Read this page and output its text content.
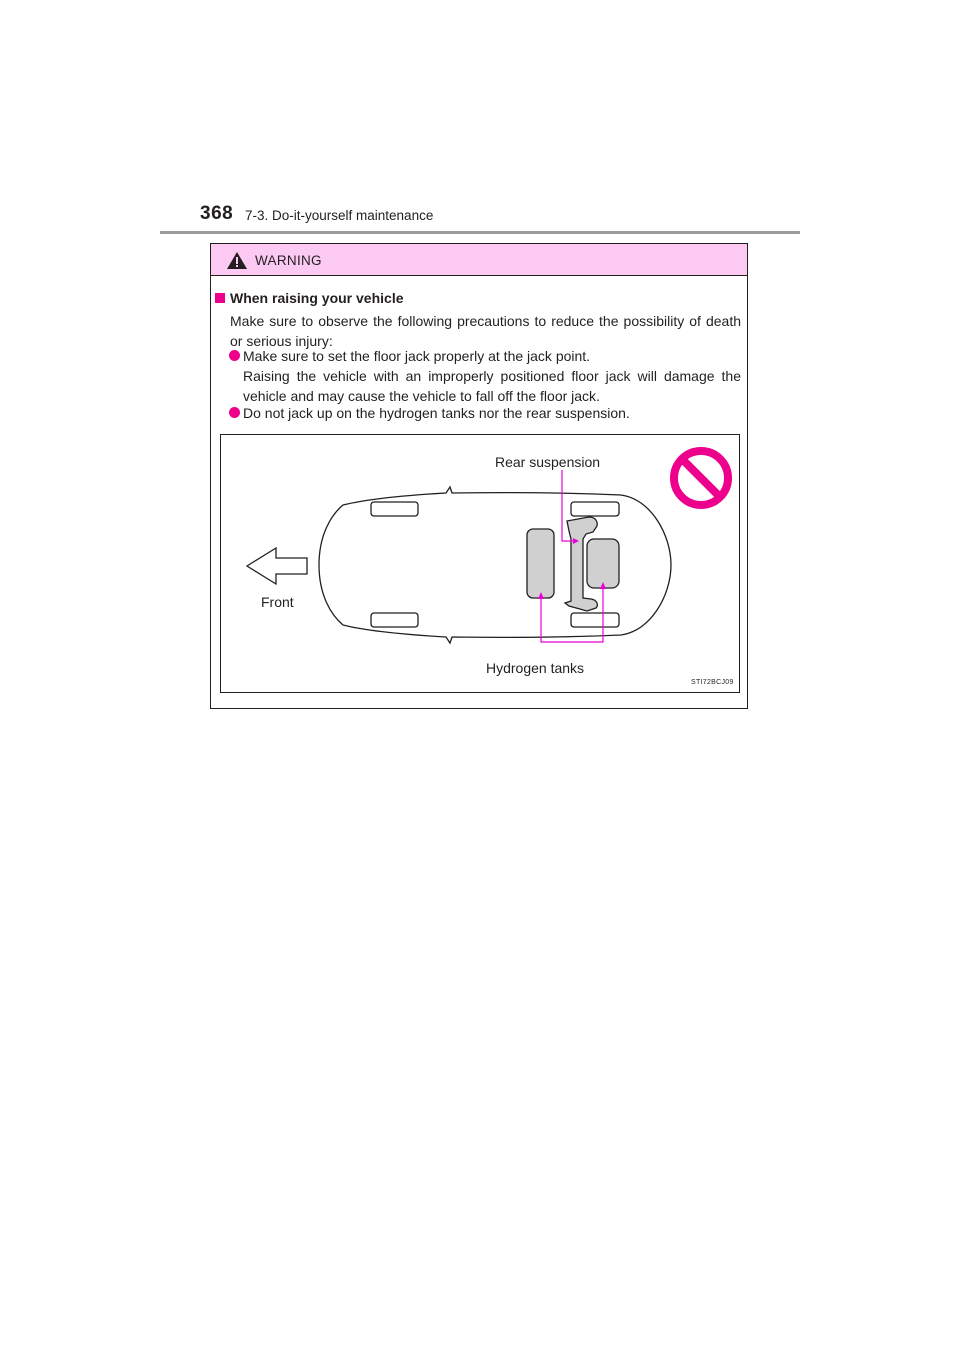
368 7-3. Do-it-yourself maintenance
WARNING
When raising your vehicle
Make sure to observe the following precautions to reduce the possibility of death or serious injury:
Make sure to set the floor jack properly at the jack point.
Raising the vehicle with an improperly positioned floor jack will damage the vehicle and may cause the vehicle to fall off the floor jack.
Do not jack up on the hydrogen tanks nor the rear suspension.
Rear suspension
Front
Hydrogen tanks
STI72BCJ09
